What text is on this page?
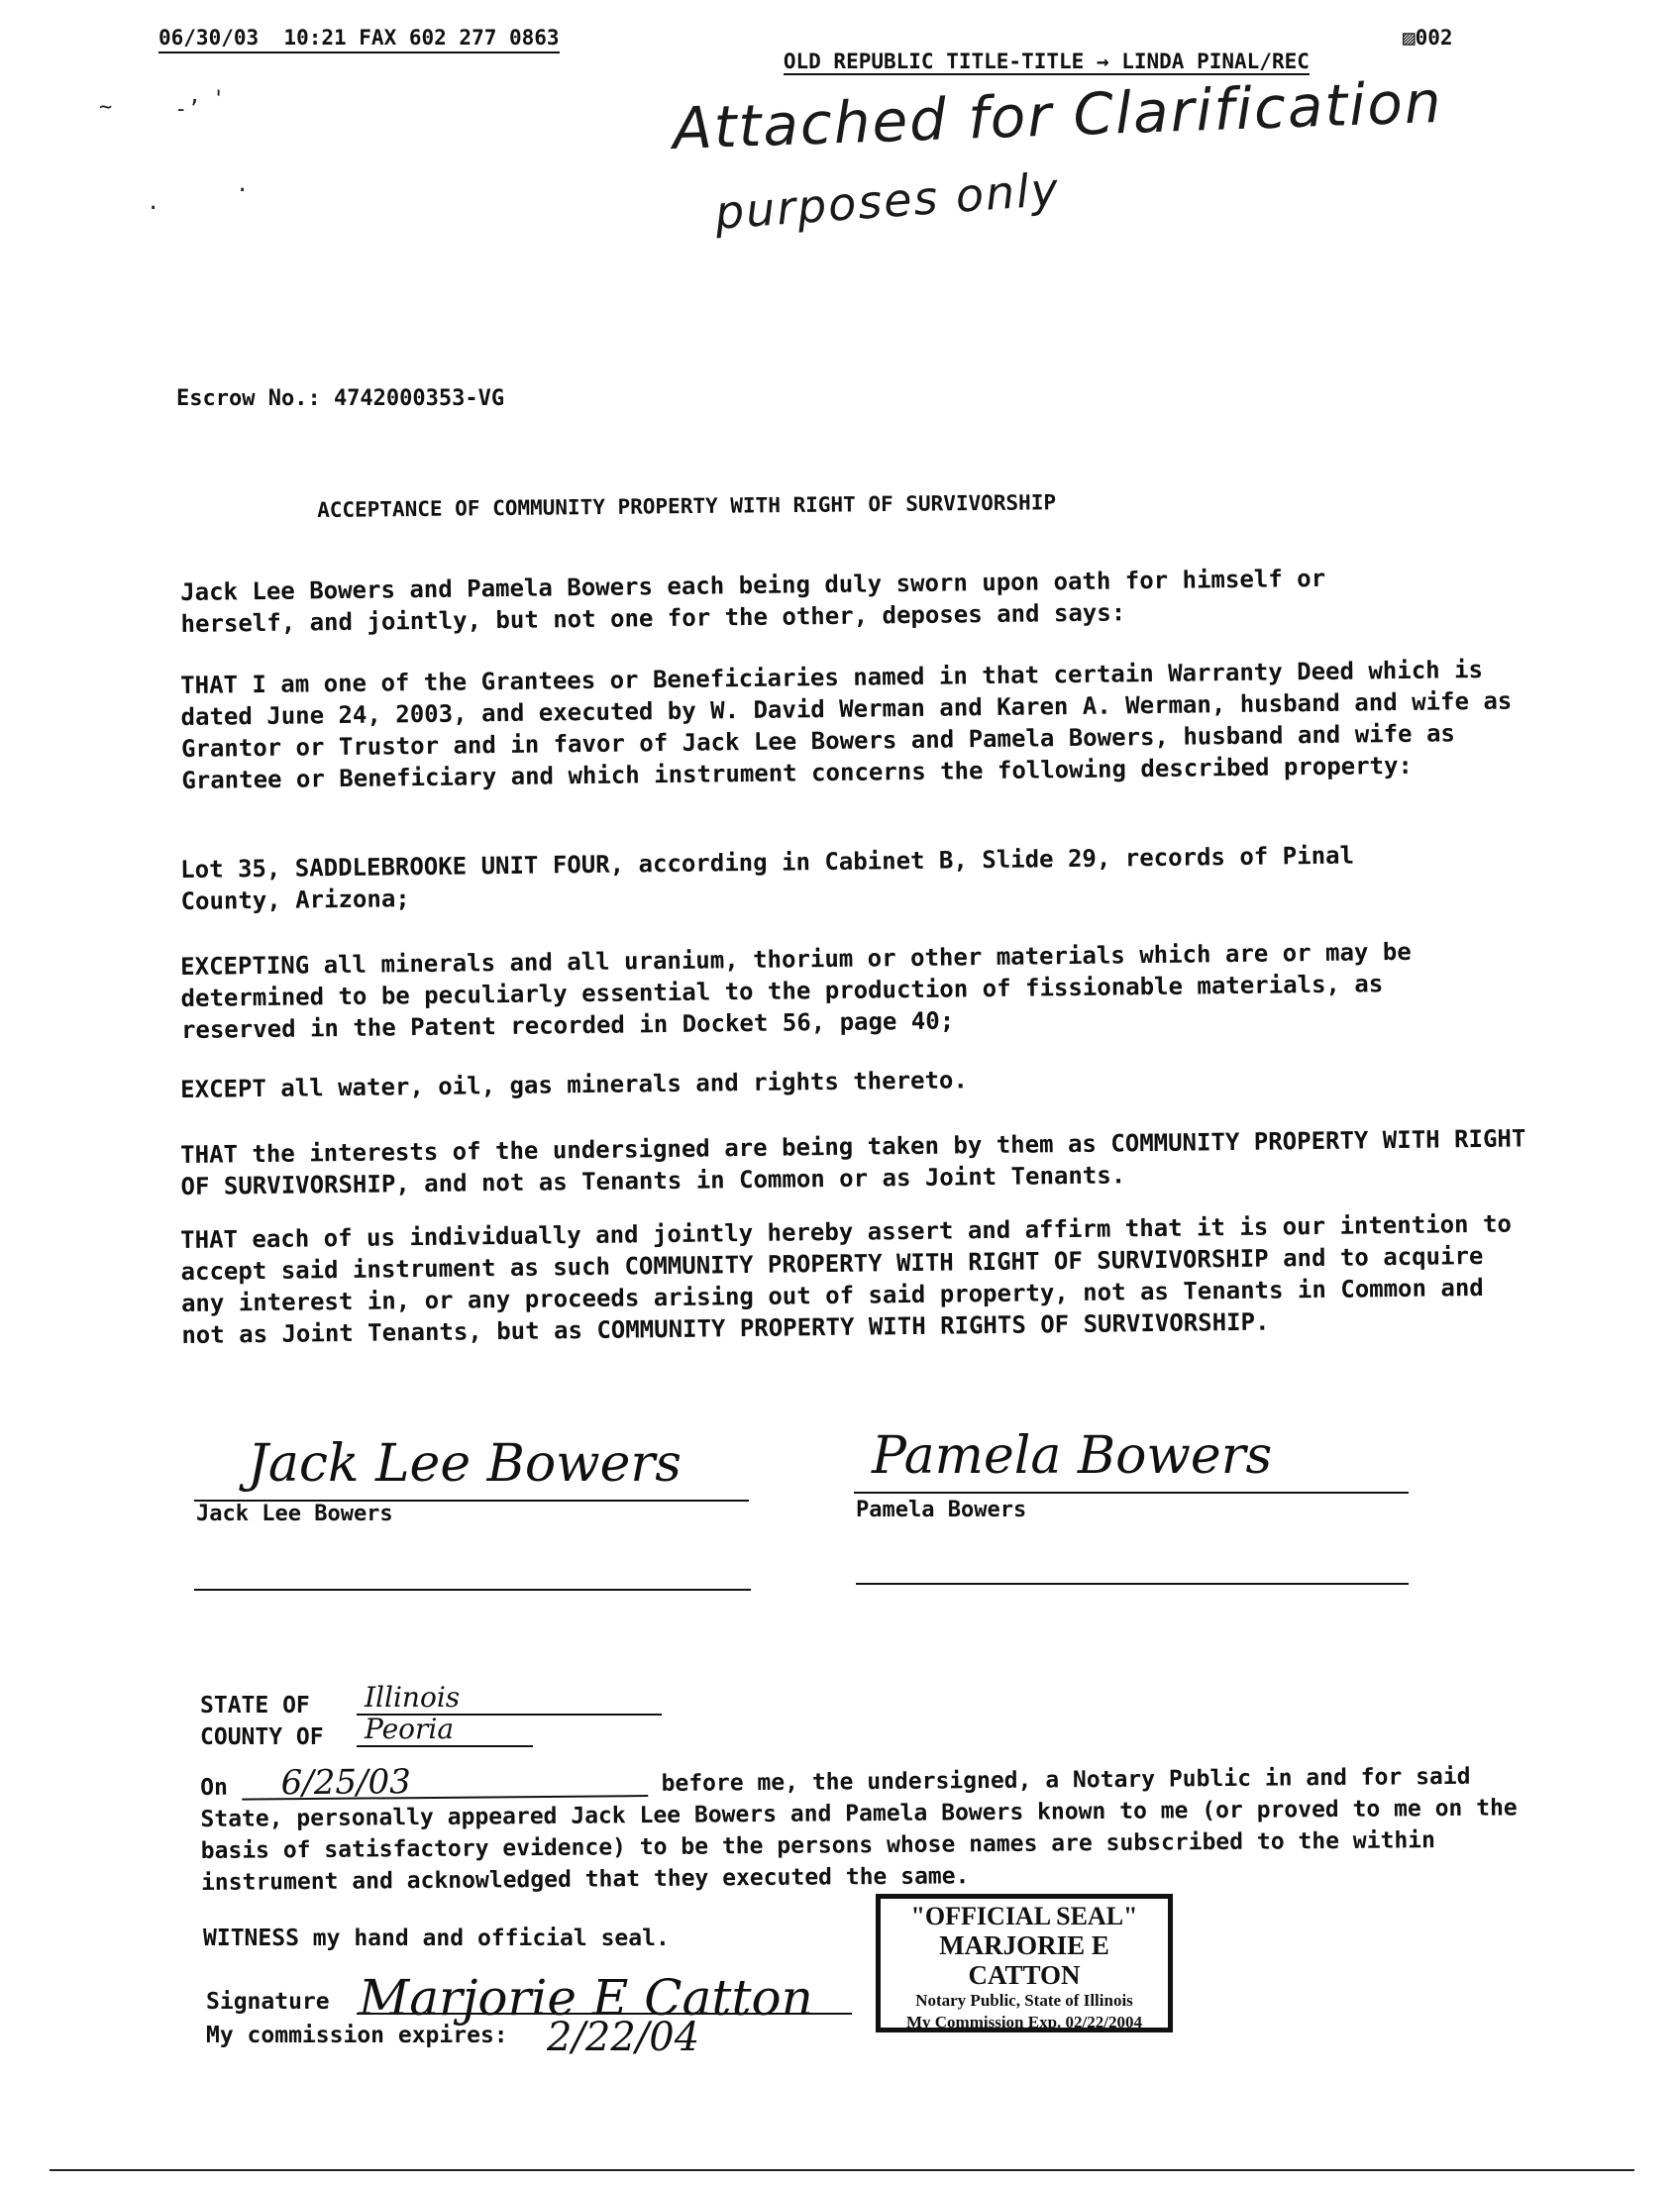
06/30/03  10:21 FAX 602 277 0863

OLD REPUBLIC TITLE-TITLE → LINDA PINAL/REC

▨002
~	-’ '
.	·
Attached for Clarification
purposes only
Escrow No.: 4742000353-VG
ACCEPTANCE OF COMMUNITY PROPERTY WITH RIGHT OF SURVIVORSHIP
Jack Lee Bowers and Pamela Bowers each being duly sworn upon oath for himself or herself, and jointly, but not one for the other, deposes and says:
THAT I am one of the Grantees or Beneficiaries named in that certain Warranty Deed which is dated June 24, 2003, and executed by W. David Werman and Karen A. Werman, husband and wife as Grantor or Trustor and in favor of Jack Lee Bowers and Pamela Bowers, husband and wife as Grantee or Beneficiary and which instrument concerns the following described property:
Lot 35, SADDLEBROOKE UNIT FOUR, according in Cabinet B, Slide 29, records of Pinal County, Arizona;
EXCEPTING all minerals and all uranium, thorium or other materials which are or may be determined to be peculiarly essential to the production of fissionable materials, as reserved in the Patent recorded in Docket 56, page 40;
EXCEPT all water, oil, gas minerals and rights thereto.
THAT the interests of the undersigned are being taken by them as COMMUNITY PROPERTY WITH RIGHT OF SURVIVORSHIP, and not as Tenants in Common or as Joint Tenants.
THAT each of us individually and jointly hereby assert and affirm that it is our intention to accept said instrument as such COMMUNITY PROPERTY WITH RIGHT OF SURVIVORSHIP and to acquire any interest in, or any proceeds arising out of said property, not as Tenants in Common and not as Joint Tenants, but as COMMUNITY PROPERTY WITH RIGHTS OF SURVIVORSHIP.
Jack Lee Bowers
Jack Lee Bowers
Pamela Bowers
Pamela Bowers
STATE OF Illinois
COUNTY OF Peoria
On 6/25/03	before me, the undersigned, a Notary Public in and for said State, personally appeared Jack Lee Bowers and Pamela Bowers known to me (or proved to me on the basis of satisfactory evidence) to be the persons whose names are subscribed to the within instrument and acknowledged that they executed the same.
WITNESS my hand and official seal.
Signature Marjorie E Catton
My commission expires: 2/22/04
"OFFICIAL SEAL"
MARJORIE E CATTON
Notary Public, State of Illinois
My Commission Exp. 02/22/2004
